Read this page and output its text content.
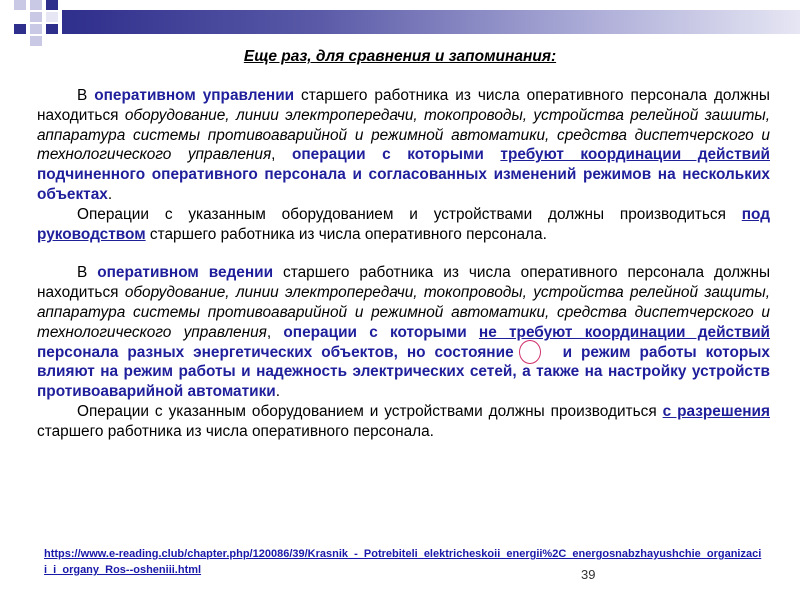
Еще раз, для сравнения и запоминания:

В оперативном управлении старшего работника из числа оперативного персонала должны находиться оборудование, линии электропередачи, токопроводы, устройства релейной зашиты, аппаратура системы противоаварийной и режимной автоматики, средства диспетчерского и технологического управления, операции с которыми требуют координации действий подчиненного оперативного персонала и согласованных изменений режимов на нескольких объектах.

Операции с указанным оборудованием и устройствами должны производиться под руководством старшего работника из числа оперативного персонала.

В оперативном ведении старшего работника из числа оперативного персонала должны находиться оборудование, линии электропередачи, токопроводы, устройства релейной защиты, аппаратура системы противоаварийной и режимной автоматики, средства диспетчерского и технологического управления, операции с которыми не требуют координации действий персонала разных энергетических объектов, но состояние	и режим работы которых влияют на режим работы и надежность электрических сетей, а также на настройку устройств противоаварийной автоматики.

Операции с указанным оборудованием и устройствами должны производиться с разрешения старшего работника из числа оперативного персонала.

https://www.e-reading.club/chapter.php/120086/39/Krasnik_-_Potrebiteli_elektricheskoii_energii%2C_energosnabzhayushchie_organizacii_i_organy_Ros--osheniii.html	39
